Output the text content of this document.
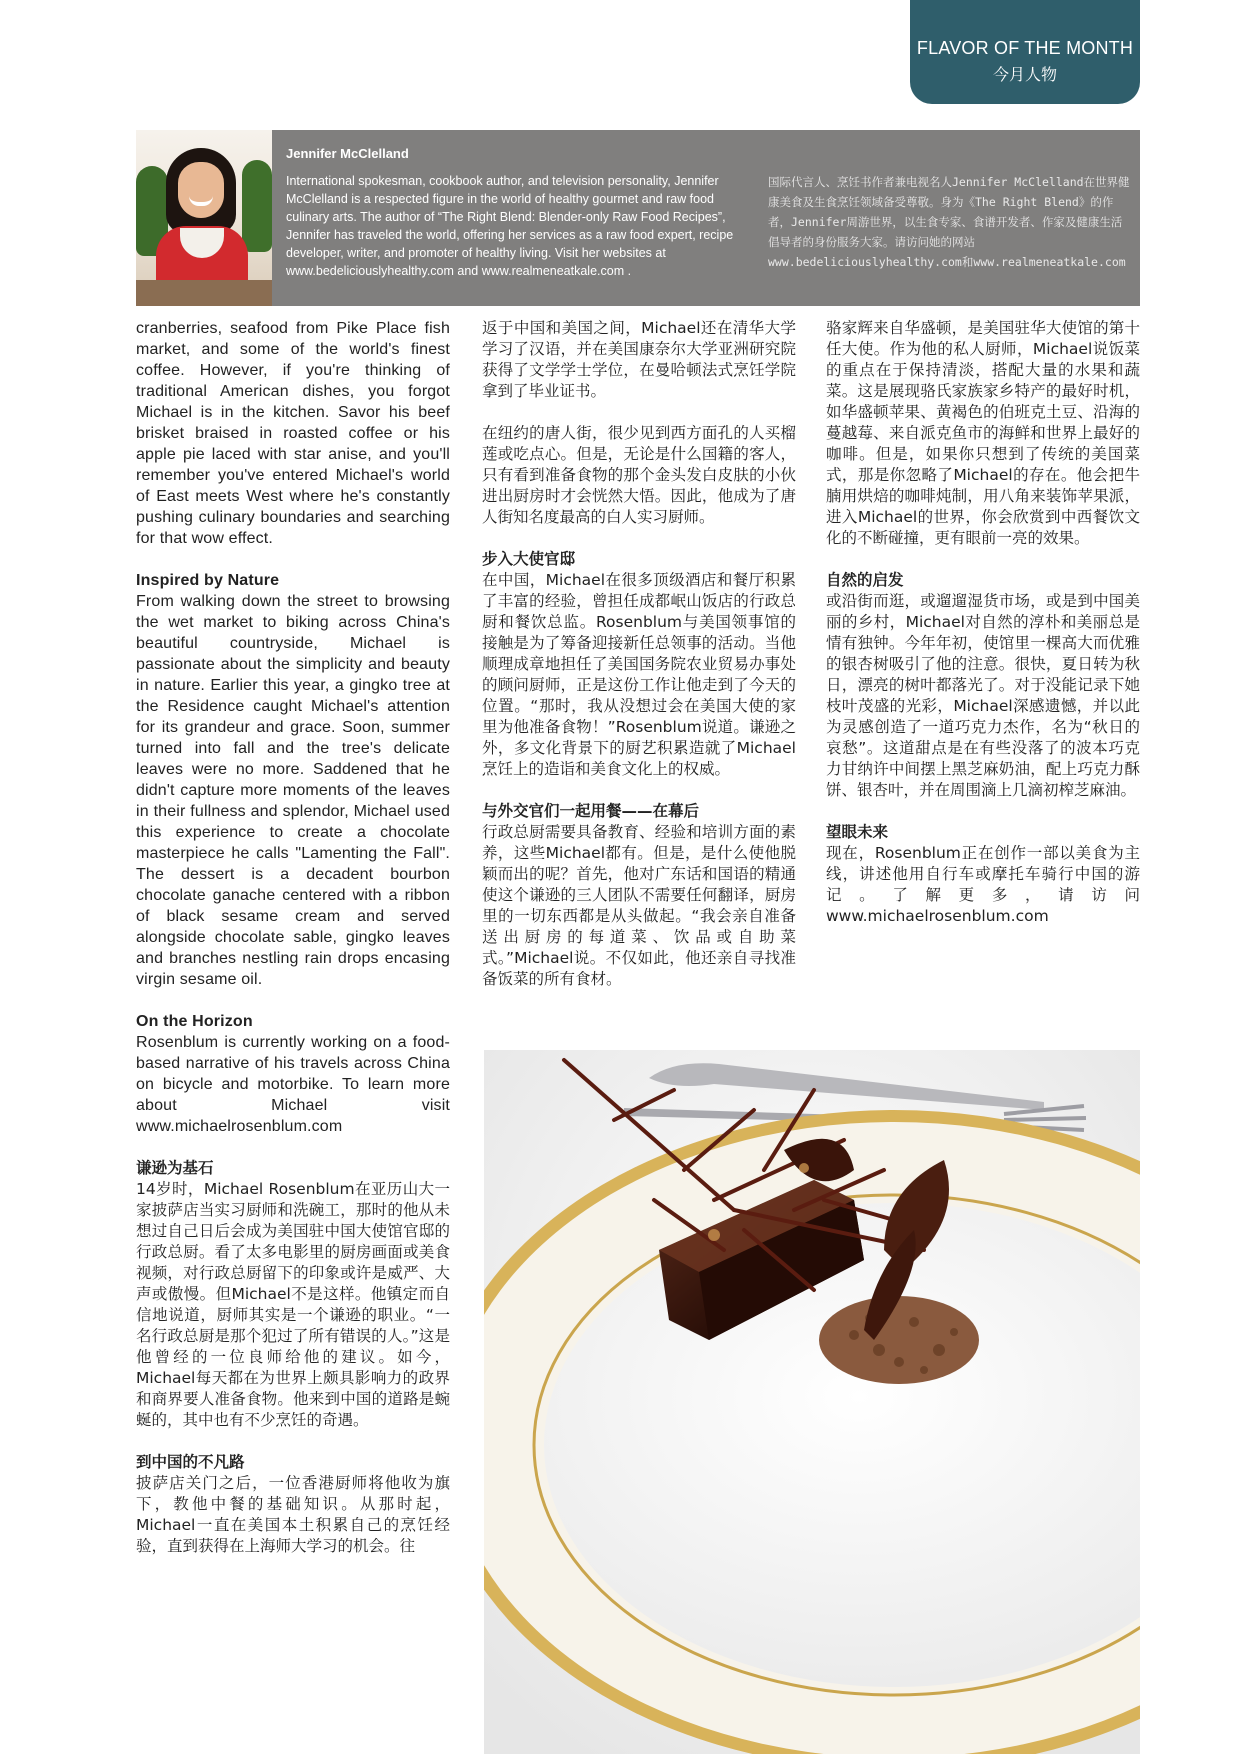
FLAVOR OF THE MONTH
今月人物
Jennifer McClelland
International spokesman, cookbook author, and television personality, Jennifer McClelland is a respected figure in the world of healthy gourmet and raw food culinary arts. The author of “The Right Blend: Blender-only Raw Food Recipes”, Jennifer has traveled the world, offering her services as a raw food expert, recipe developer, writer, and promoter of healthy living. Visit her websites at www.bedeliciouslyhealthy.com and www.realmeneatkale.com .
国际代言人、烹饪书作者兼电视名人Jennifer McClelland在世界健康美食及生食烹饪领域备受尊敬。身为《The Right Blend》的作者，Jennifer周游世界，以生食专家、食谱开发者、作家及健康生活倡导者的身份服务大家。请访问她的网站www.bedeliciouslyhealthy.com和www.realmeneatkale.com

cranberries, seafood from Pike Place fish market, and some of the world's finest coffee. However, if you're thinking of traditional American dishes, you forgot Michael is in the kitchen. Savor his beef brisket braised in roasted coffee or his apple pie laced with star anise, and you'll remember you've entered Michael's world of East meets West where he's constantly pushing culinary boundaries and searching for that wow effect.

Inspired by Nature

From walking down the street to browsing the wet market to biking across China's beautiful countryside, Michael is passionate about the simplicity and beauty in nature. Earlier this year, a gingko tree at the Residence caught Michael's attention for its grandeur and grace. Soon, summer turned into fall and the tree's delicate leaves were no more. Saddened that he didn't capture more moments of the leaves in their fullness and splendor, Michael used this experience to create a chocolate masterpiece he calls "Lamenting the Fall". The dessert is a decadent bourbon chocolate ganache centered with a ribbon of black sesame cream and served alongside chocolate sable, gingko leaves and branches nestling rain drops encasing virgin sesame oil.

On the Horizon

Rosenblum is currently working on a food-based narrative of his travels across China on bicycle and motorbike. To learn more about Michael visit www.michaelrosenblum.com

谦逊为基石

14岁时，Michael Rosenblum在亚历山大一家披萨店当实习厨师和洗碗工，那时的他从未想过自己日后会成为美国驻中国大使馆官邸的行政总厨。看了太多电影里的厨房画面或美食视频，对行政总厨留下的印象或许是威严、大声或傲慢。但Michael不是这样。他镇定而自信地说道，厨师其实是一个谦逊的职业。“一名行政总厨是那个犯过了所有错误的人。”这是他曾经的一位良师给他的建议。如今，Michael每天都在为世界上颇具影响力的政界和商界要人准备食物。他来到中国的道路是蜿蜒的，其中也有不少烹饪的奇遇。

到中国的不凡路

披萨店关门之后，一位香港厨师将他收为旗下，教他中餐的基础知识。从那时起，Michael一直在美国本土积累自己的烹饪经验，直到获得在上海师大学习的机会。往

返于中国和美国之间，Michael还在清华大学学习了汉语，并在美国康奈尔大学亚洲研究院获得了文学学士学位，在曼哈顿法式烹饪学院拿到了毕业证书。

在纽约的唐人街，很少见到西方面孔的人买榴莲或吃点心。但是，无论是什么国籍的客人，只有看到准备食物的那个金头发白皮肤的小伙进出厨房时才会恍然大悟。因此，他成为了唐人街知名度最高的白人实习厨师。

步入大使官邸

在中国，Michael在很多顶级酒店和餐厅积累了丰富的经验，曾担任成都岷山饭店的行政总厨和餐饮总监。Rosenblum与美国领事馆的接触是为了筹备迎接新任总领事的活动。当他顺理成章地担任了美国国务院农业贸易办事处的顾问厨师，正是这份工作让他走到了今天的位置。“那时，我从没想过会在美国大使的家里为他准备食物！”Rosenblum说道。谦逊之外，多文化背景下的厨艺积累造就了Michael烹饪上的造诣和美食文化上的权威。

与外交官们一起用餐——在幕后

行政总厨需要具备教育、经验和培训方面的素养，这些Michael都有。但是，是什么使他脱颖而出的呢？首先，他对广东话和国语的精通使这个谦逊的三人团队不需要任何翻译，厨房里的一切东西都是从头做起。“我会亲自准备送出厨房的每道菜、饮品或自助菜式。”Michael说。不仅如此，他还亲自寻找准备饭菜的所有食材。

骆家辉来自华盛顿，是美国驻华大使馆的第十任大使。作为他的私人厨师，Michael说饭菜的重点在于保持清淡，搭配大量的水果和蔬菜。这是展现骆氏家族家乡特产的最好时机，如华盛顿苹果、黄褐色的伯班克土豆、沿海的蔓越莓、来自派克鱼市的海鲜和世界上最好的咖啡。但是，如果你只想到了传统的美国菜式，那是你忽略了Michael的存在。他会把牛腩用烘焙的咖啡炖制，用八角来装饰苹果派，进入Michael的世界，你会欣赏到中西餐饮文化的不断碰撞，更有眼前一亮的效果。

自然的启发

或沿街而逛，或遛遛湿货市场，或是到中国美丽的乡村，Michael对自然的淳朴和美丽总是情有独钟。今年年初，使馆里一棵高大而优雅的银杏树吸引了他的注意。很快，夏日转为秋日，漂亮的树叶都落光了。对于没能记录下她枝叶茂盛的光彩，Michael深感遗憾，并以此为灵感创造了一道巧克力杰作，名为“秋日的哀愁”。这道甜点是在有些没落了的波本巧克力甘纳许中间摆上黑芝麻奶油，配上巧克力酥饼、银杏叶，并在周围滴上几滴初榨芝麻油。

望眼未来

现在，Rosenblum正在创作一部以美食为主线，讲述他用自行车或摩托车骑行中国的游记。了解更多，请访问www.michaelrosenblum.com
